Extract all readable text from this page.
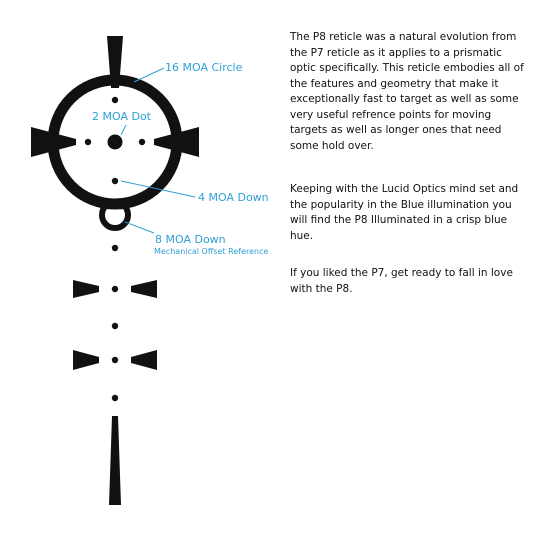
16 MOA Circle
2 MOA Dot
4 MOA Down
8 MOA Down
Mechanical Offset Reference

The P8 reticle was a natural evolution from the P7 reticle as it applies to a prismatic optic specifically. This reticle embodies all of the features and geometry that make it exceptionally fast to target as well as some very useful refrence points for moving targets as well as longer ones that need some hold over.

Keeping with the Lucid Optics mind set and the popularity in the Blue illumination you will find the P8 Illuminated in a crisp blue hue.

If you liked the P7, get ready to fall in love with the P8.
